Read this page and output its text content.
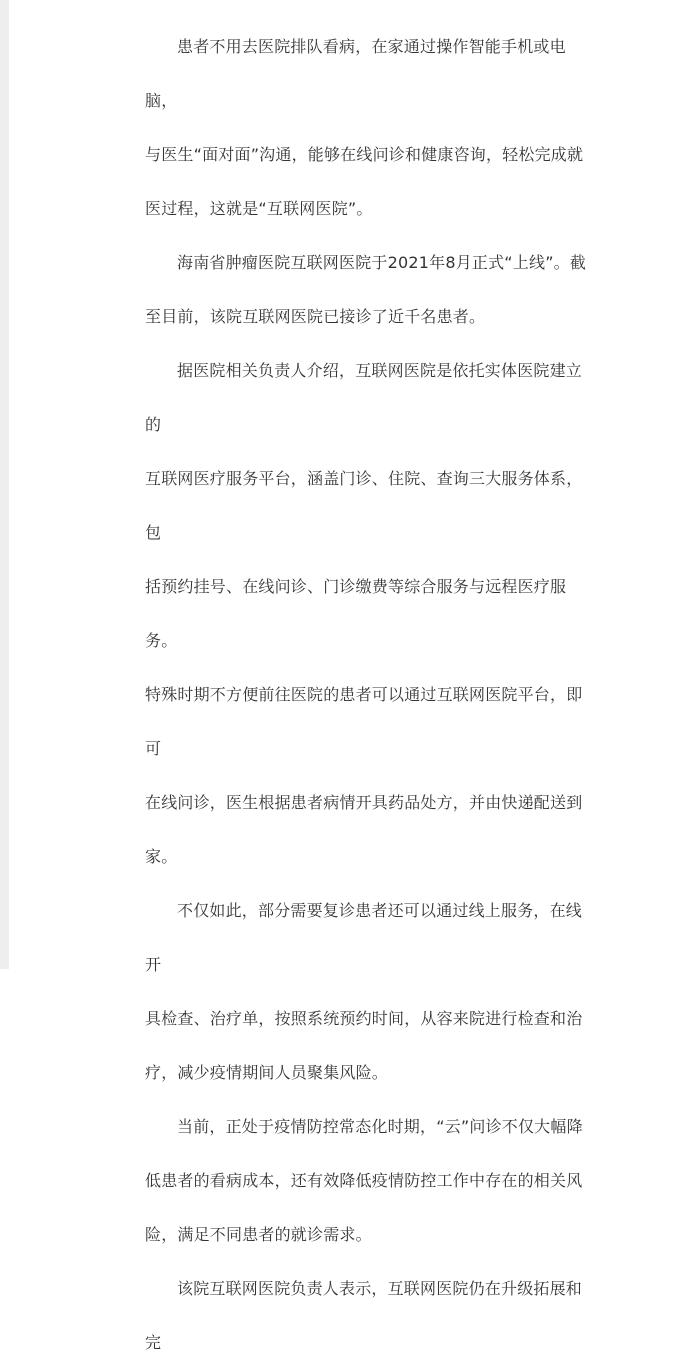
患者不用去医院排队看病，在家通过操作智能手机或电脑，
与医生“面对面”沟通，能够在线问诊和健康咨询，轻松完成就
医过程，这就是“互联网医院”。

海南省肿瘤医院互联网医院于2021年8月正式“上线”。截
至目前，该院互联网医院已接诊了近千名患者。

据医院相关负责人介绍，互联网医院是依托实体医院建立的
互联网医疗服务平台，涵盖门诊、住院、查询三大服务体系，包
括预约挂号、在线问诊、门诊缴费等综合服务与远程医疗服务。
特殊时期不方便前往医院的患者可以通过互联网医院平台，即可
在线问诊，医生根据患者病情开具药品处方，并由快递配送到
家。

不仅如此，部分需要复诊患者还可以通过线上服务，在线开
具检查、治疗单，按照系统预约时间，从容来院进行检查和治
疗，减少疫情期间人员聚集风险。

当前，正处于疫情防控常态化时期，“云”问诊不仅大幅降
低患者的看病成本，还有效降低疫情防控工作中存在的相关风
险，满足不同患者的就诊需求。

该院互联网医院负责人表示，互联网医院仍在升级拓展和完
